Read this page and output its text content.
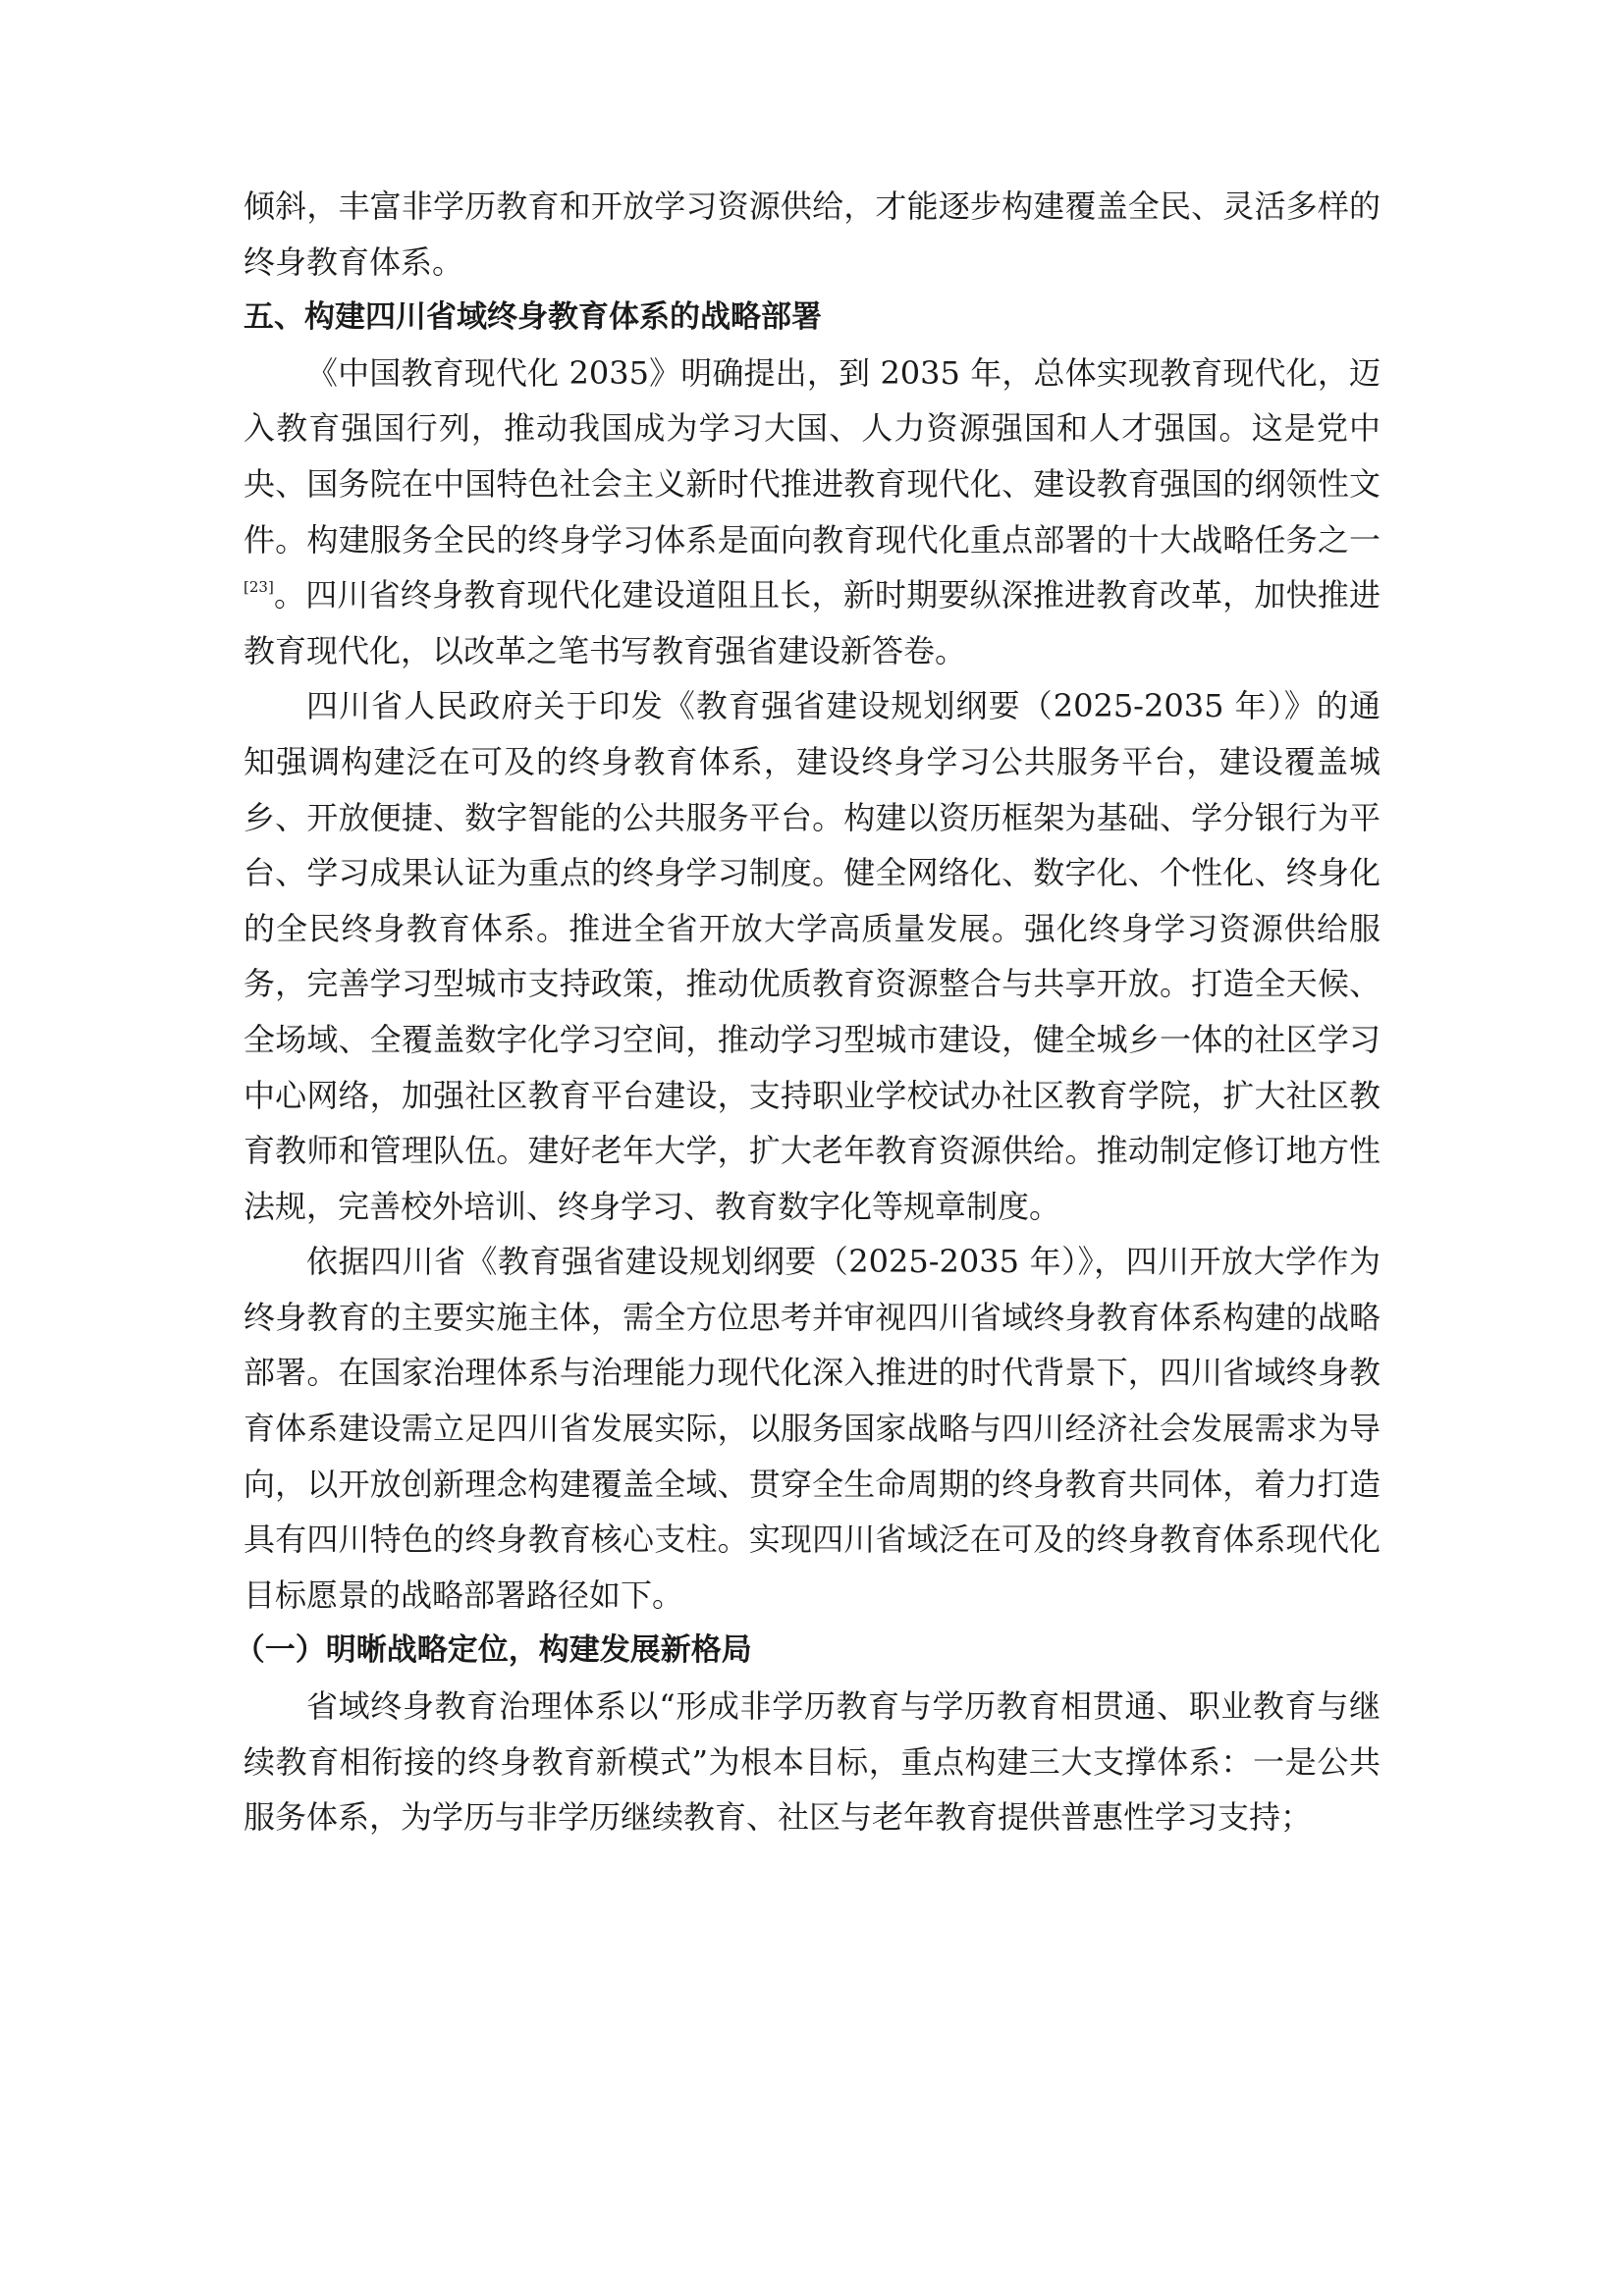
倾斜，丰富非学历教育和开放学习资源供给，才能逐步构建覆盖全民、灵活多样的终身教育体系。

五、构建四川省域终身教育体系的战略部署

《中国教育现代化 2035》明确提出，到 2035 年，总体实现教育现代化，迈入教育强国行列，推动我国成为学习大国、人力资源强国和人才强国。这是党中央、国务院在中国特色社会主义新时代推进教育现代化、建设教育强国的纲领性文件。构建服务全民的终身学习体系是面向教育现代化重点部署的十大战略任务之一[23]。四川省终身教育现代化建设道阻且长，新时期要纵深推进教育改革，加快推进教育现代化，以改革之笔书写教育强省建设新答卷。

四川省人民政府关于印发《教育强省建设规划纲要（2025-2035 年）》的通知强调构建泛在可及的终身教育体系，建设终身学习公共服务平台，建设覆盖城乡、开放便捷、数字智能的公共服务平台。构建以资历框架为基础、学分银行为平台、学习成果认证为重点的终身学习制度。健全网络化、数字化、个性化、终身化的全民终身教育体系。推进全省开放大学高质量发展。强化终身学习资源供给服务，完善学习型城市支持政策，推动优质教育资源整合与共享开放。打造全天候、全场域、全覆盖数字化学习空间，推动学习型城市建设，健全城乡一体的社区学习中心网络，加强社区教育平台建设，支持职业学校试办社区教育学院，扩大社区教育教师和管理队伍。建好老年大学，扩大老年教育资源供给。推动制定修订地方性法规，完善校外培训、终身学习、教育数字化等规章制度。

依据四川省《教育强省建设规划纲要（2025-2035 年）》，四川开放大学作为终身教育的主要实施主体，需全方位思考并审视四川省域终身教育体系构建的战略部署。在国家治理体系与治理能力现代化深入推进的时代背景下，四川省域终身教育体系建设需立足四川省发展实际，以服务国家战略与四川经济社会发展需求为导向，以开放创新理念构建覆盖全域、贯穿全生命周期的终身教育共同体，着力打造具有四川特色的终身教育核心支柱。实现四川省域泛在可及的终身教育体系现代化目标愿景的战略部署路径如下。

（一）明晰战略定位，构建发展新格局

省域终身教育治理体系以“形成非学历教育与学历教育相贯通、职业教育与继续教育相衔接的终身教育新模式”为根本目标，重点构建三大支撑体系：一是公共服务体系，为学历与非学历继续教育、社区与老年教育提供普惠性学习支持；
